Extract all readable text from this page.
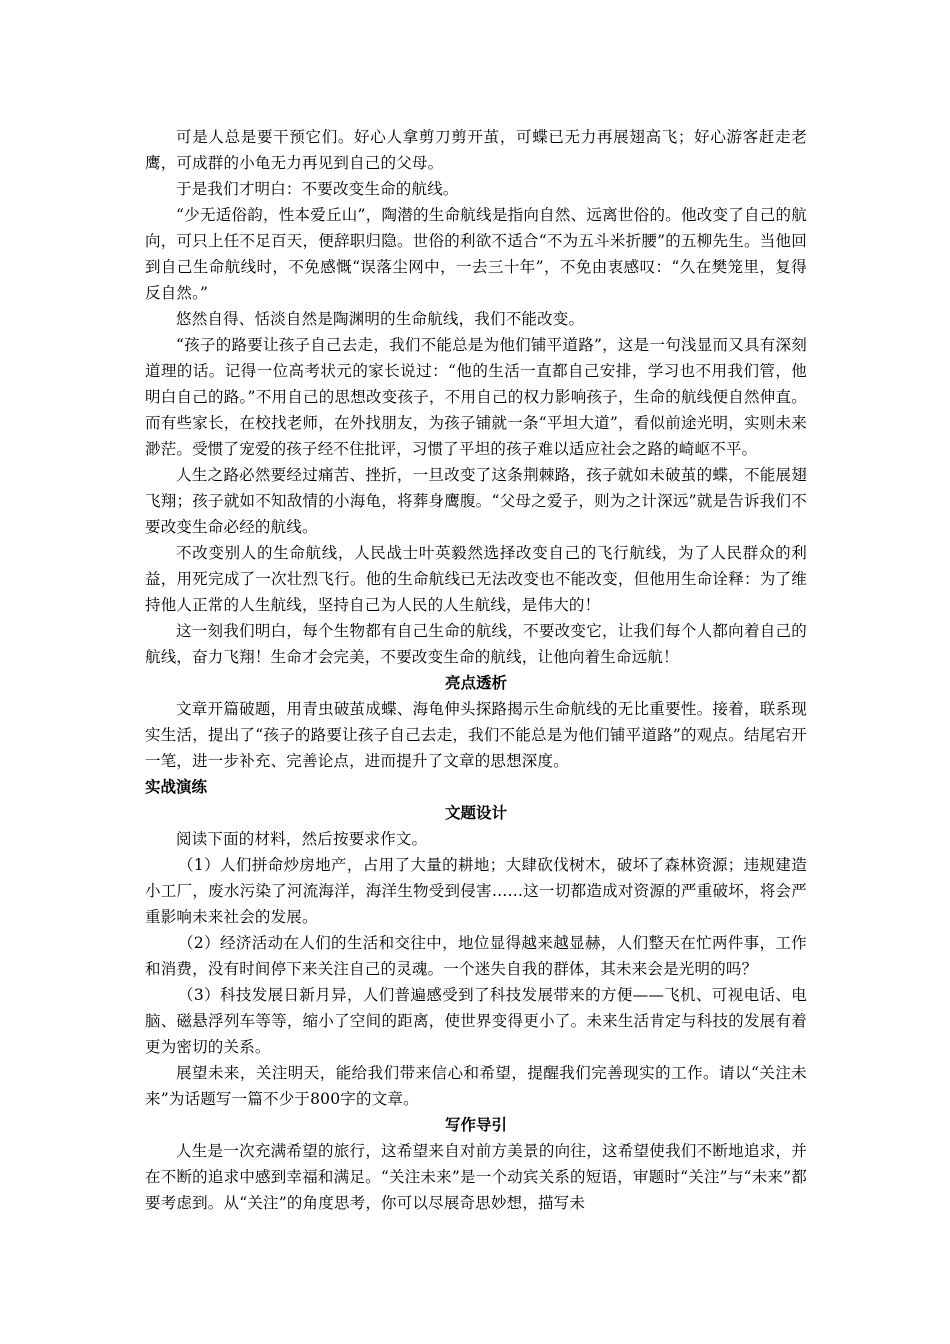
可是人总是要干预它们。好心人拿剪刀剪开茧，可蝶已无力再展翅高飞；好心游客赶走老鹰，可成群的小龟无力再见到自己的父母。

于是我们才明白：不要改变生命的航线。

“少无适俗韵，性本爱丘山”，陶潜的生命航线是指向自然、远离世俗的。他改变了自己的航向，可只上任不足百天，便辞职归隐。世俗的利欲不适合“不为五斗米折腰”的五柳先生。当他回到自己生命航线时，不免感慨“误落尘网中，一去三十年”，不免由衷感叹：“久在樊笼里，复得反自然。”

悠然自得、恬淡自然是陶渊明的生命航线，我们不能改变。

“孩子的路要让孩子自己去走，我们不能总是为他们铺平道路”，这是一句浅显而又具有深刻道理的话。记得一位高考状元的家长说过：“他的生活一直都自己安排，学习也不用我们管，他明白自己的路。”不用自己的思想改变孩子，不用自己的权力影响孩子，生命的航线便自然伸直。而有些家长，在校找老师，在外找朋友，为孩子铺就一条“平坦大道”，看似前途光明，实则未来渺茫。受惯了宠爱的孩子经不住批评，习惯了平坦的孩子难以适应社会之路的崎岖不平。

人生之路必然要经过痛苦、挫折，一旦改变了这条荆棘路，孩子就如未破茧的蝶，不能展翅飞翔；孩子就如不知敌情的小海龟，将葬身鹰腹。“父母之爱子，则为之计深远”就是告诉我们不要改变生命必经的航线。

不改变别人的生命航线，人民战士叶英毅然选择改变自己的飞行航线，为了人民群众的利益，用死完成了一次壮烈飞行。他的生命航线已无法改变也不能改变，但他用生命诠释：为了维持他人正常的人生航线，坚持自己为人民的人生航线，是伟大的！

这一刻我们明白，每个生物都有自己生命的航线，不要改变它，让我们每个人都向着自己的航线，奋力飞翔！生命才会完美，不要改变生命的航线，让他向着生命远航！

亮点透析

文章开篇破题，用青虫破茧成蝶、海龟伸头探路揭示生命航线的无比重要性。接着，联系现实生活，提出了“孩子的路要让孩子自己去走，我们不能总是为他们铺平道路”的观点。结尾宕开一笔，进一步补充、完善论点，进而提升了文章的思想深度。

实战演练

文题设计

阅读下面的材料，然后按要求作文。

（1）人们拼命炒房地产，占用了大量的耕地；大肆砍伐树木，破坏了森林资源；违规建造小工厂，废水污染了河流海洋，海洋生物受到侵害……这一切都造成对资源的严重破坏，将会严重影响未来社会的发展。

（2）经济活动在人们的生活和交往中，地位显得越来越显赫，人们整天在忙两件事，工作和消费，没有时间停下来关注自己的灵魂。一个迷失自我的群体，其未来会是光明的吗？

（3）科技发展日新月异，人们普遍感受到了科技发展带来的方便——飞机、可视电话、电脑、磁悬浮列车等等，缩小了空间的距离，使世界变得更小了。未来生活肯定与科技的发展有着更为密切的关系。

展望未来，关注明天，能给我们带来信心和希望，提醒我们完善现实的工作。请以“关注未来”为话题写一篇不少于800字的文章。

写作导引

人生是一次充满希望的旅行，这希望来自对前方美景的向往，这希望使我们不断地追求，并在不断的追求中感到幸福和满足。“关注未来”是一个动宾关系的短语，审题时“关注”与“未来”都要考虑到。从“关注”的角度思考，你可以尽展奇思妙想，描写未
